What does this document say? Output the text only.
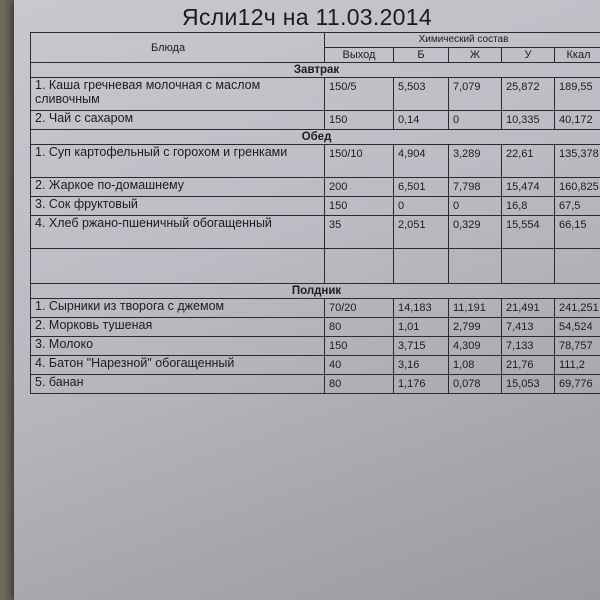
Ясли12ч на 11.03.2014
Блюда	Химический состав				
	Выход	Б	Ж	У	Ккал
Завтрак					
1. Каша гречневая молочная с маслом сливочным	150/5	5,503	7,079	25,872	189,55
2. Чай с сахаром	150	0,14	0	10,335	40,172
Обед					
1. Суп картофельный с горохом и гренками	150/10	4,904	3,289	22,61	135,378
2. Жаркое по-домашнему	200	6,501	7,798	15,474	160,825
3. Сок фруктовый	150	0	0	16,8	67,5
4. Хлеб ржано-пшеничный обогащенный	35	2,051	0,329	15,554	66,15

Полдник					
1. Сырники из творога с джемом	70/20	14,183	11,191	21,491	241,251
2. Морковь тушеная	80	1,01	2,799	7,413	54,524
3. Молоко	150	3,715	4,309	7,133	78,757
4. Батон "Нарезной" обогащенный	40	3,16	1,08	21,76	111,2
5. банан	80	1,176	0,078	15,053	69,776
